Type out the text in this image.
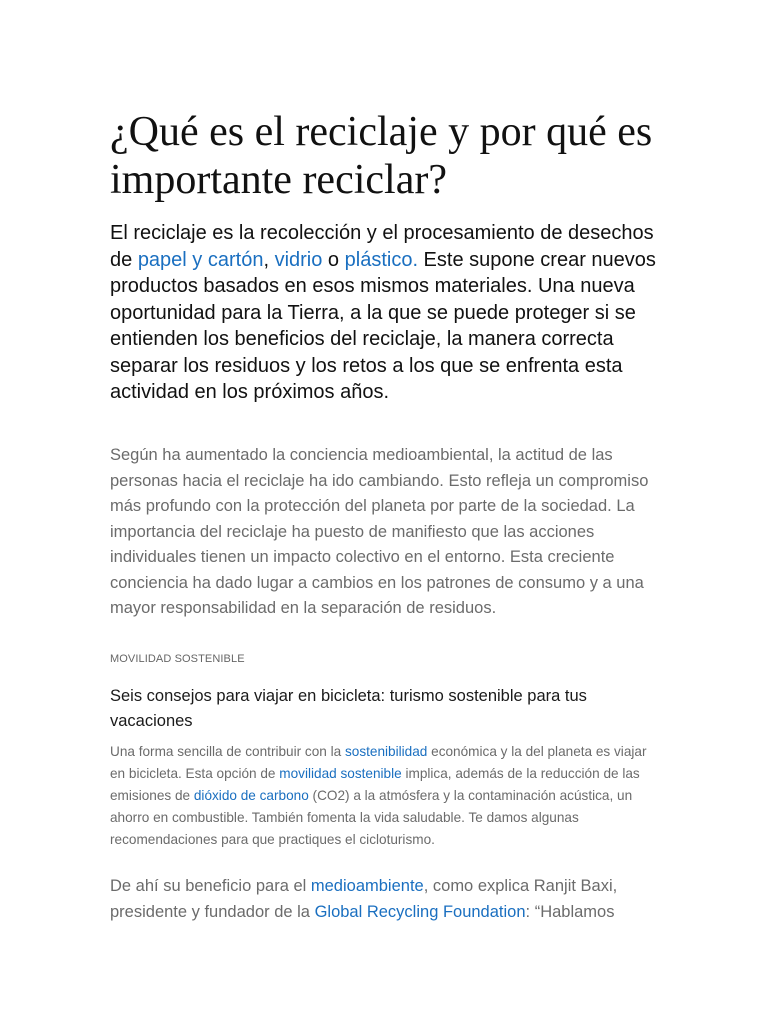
¿Qué es el reciclaje y por qué es importante reciclar?

El reciclaje es la recolección y el procesamiento de desechos de papel y cartón, vidrio o plástico. Este supone crear nuevos productos basados en esos mismos materiales. Una nueva oportunidad para la Tierra, a la que se puede proteger si se entienden los beneficios del reciclaje, la manera correcta separar los residuos y los retos a los que se enfrenta esta actividad en los próximos años.

Según ha aumentado la conciencia medioambiental, la actitud de las personas hacia el reciclaje ha ido cambiando. Esto refleja un compromiso más profundo con la protección del planeta por parte de la sociedad. La importancia del reciclaje ha puesto de manifiesto que las acciones individuales tienen un impacto colectivo en el entorno. Esta creciente conciencia ha dado lugar a cambios en los patrones de consumo y a una mayor responsabilidad en la separación de residuos.

MOVILIDAD SOSTENIBLE

Seis consejos para viajar en bicicleta: turismo sostenible para tus vacaciones

Una forma sencilla de contribuir con la sostenibilidad económica y la del planeta es viajar en bicicleta. Esta opción de movilidad sostenible implica, además de la reducción de las emisiones de dióxido de carbono (CO2) a la atmósfera y la contaminación acústica, un ahorro en combustible. También fomenta la vida saludable. Te damos algunas recomendaciones para que practiques el cicloturismo.

De ahí su beneficio para el medioambiente, como explica Ranjit Baxi, presidente y fundador de la Global Recycling Foundation: “Hablamos
